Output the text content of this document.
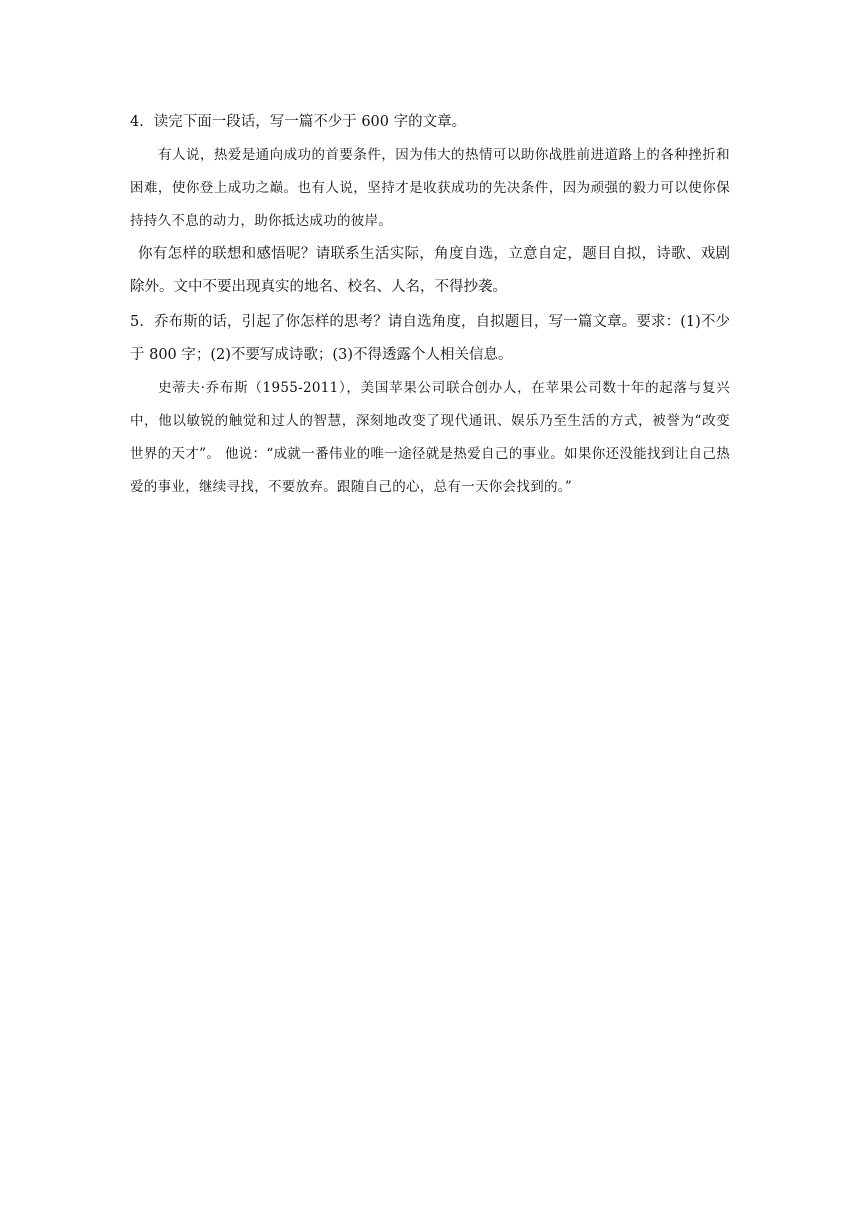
4．读完下面一段话，写一篇不少于 600 字的文章。

有人说，热爱是通向成功的首要条件，因为伟大的热情可以助你战胜前进道路上的各种挫折和困难，使你登上成功之巅。也有人说，坚持才是收获成功的先决条件，因为顽强的毅力可以使你保持持久不息的动力，助你抵达成功的彼岸。

你有怎样的联想和感悟呢？请联系生活实际，角度自选，立意自定，题目自拟，诗歌、戏剧除外。文中不要出现真实的地名、校名、人名，不得抄袭。

5．乔布斯的话，引起了你怎样的思考？请自选角度，自拟题目，写一篇文章。要求：(1)不少于 800 字；(2)不要写成诗歌；(3)不得透露个人相关信息。

史蒂夫·乔布斯（1955-2011），美国苹果公司联合创办人，在苹果公司数十年的起落与复兴中，他以敏锐的触觉和过人的智慧，深刻地改变了现代通讯、娱乐乃至生活的方式，被誉为“改变世界的天才”。 他说：“成就一番伟业的唯一途径就是热爱自己的事业。如果你还没能找到让自己热爱的事业，继续寻找，不要放弃。跟随自己的心，总有一天你会找到的。”
